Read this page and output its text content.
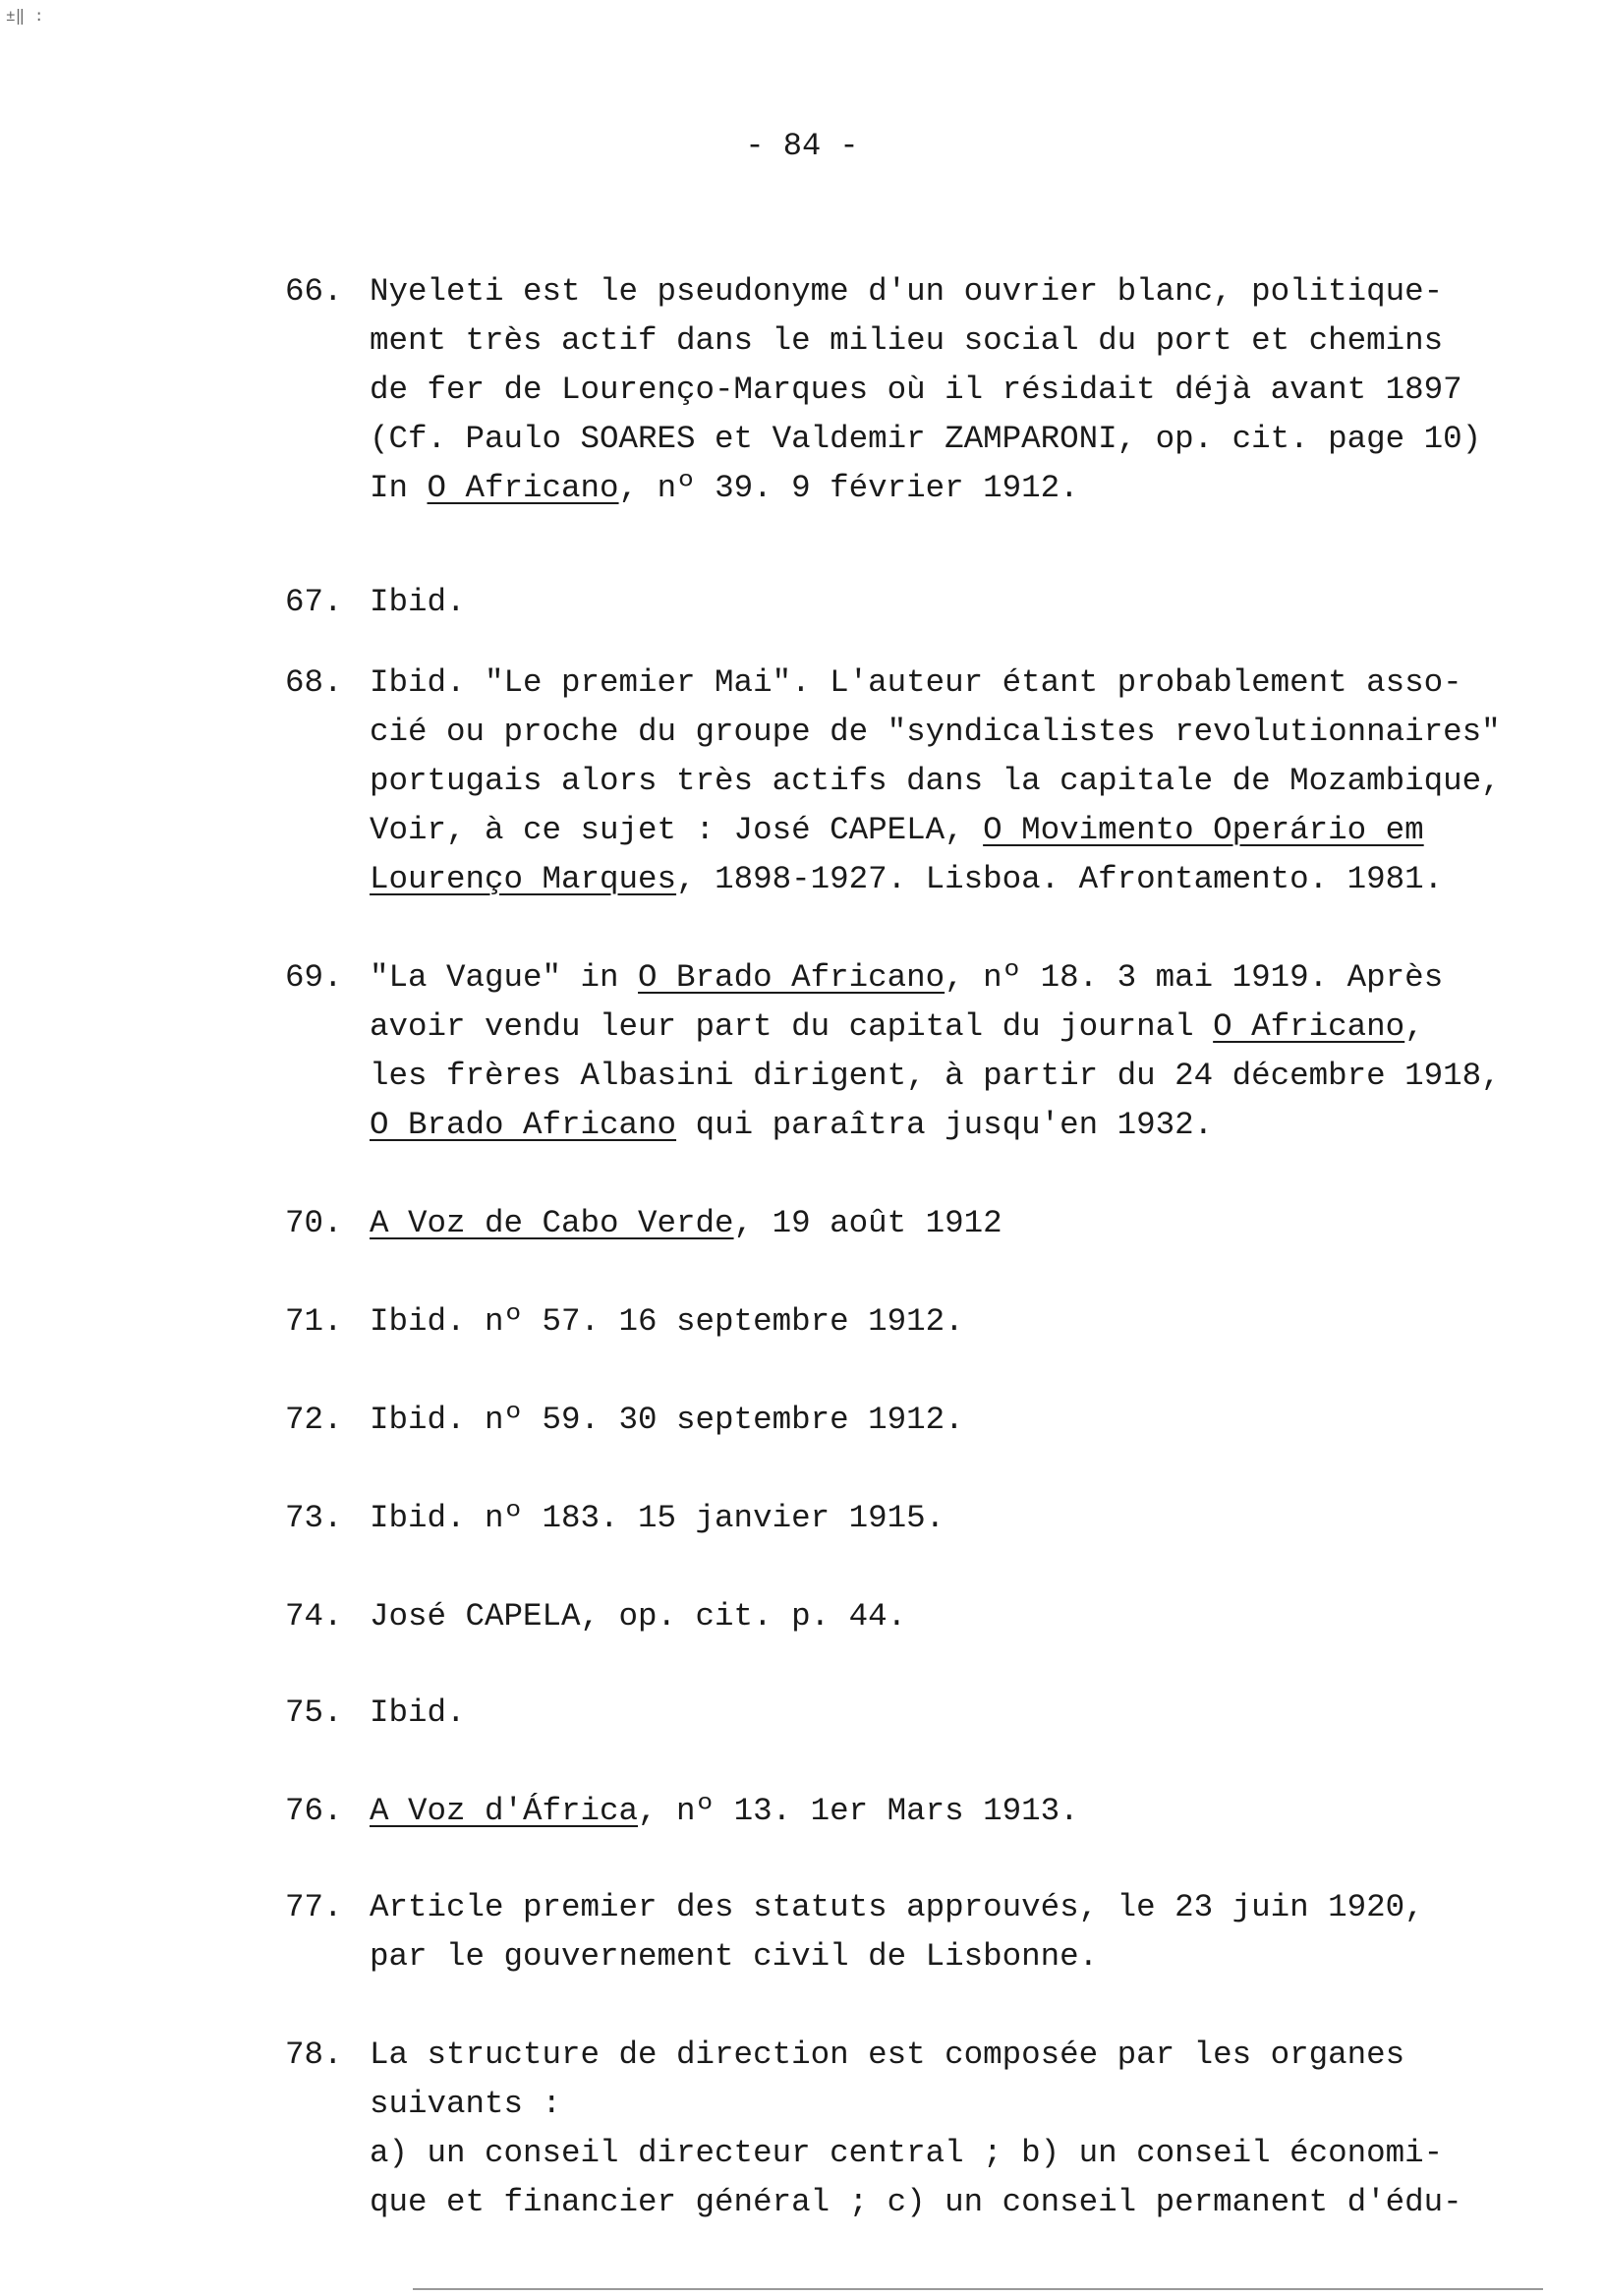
±‖ :
- 84 -
66. Nyeleti est le pseudonyme d'un ouvrier blanc, politique-
ment très actif dans le milieu social du port et chemins
de fer de Lourenço-Marques où il résidait déjà avant 1897
(Cf. Paulo SOARES et Valdemir ZAMPARONI, op. cit. page 10)
In O Africano, nº 39. 9 février 1912.
67. Ibid.
68. Ibid. "Le premier Mai". L'auteur étant probablement asso-
cié ou proche du groupe de "syndicalistes revolutionnaires"
portugais alors très actifs dans la capitale de Mozambique,
Voir, à ce sujet : José CAPELA, O Movimento Operário em
Lourenço Marques, 1898-1927. Lisboa. Afrontamento. 1981.
69. "La Vague" in O Brado Africano, nº 18. 3 mai 1919. Après
avoir vendu leur part du capital du journal O Africano,
les frères Albasini dirigent, à partir du 24 décembre 1918,
O Brado Africano qui paraîtra jusqu'en 1932.
70. A Voz de Cabo Verde, 19 août 1912
71. Ibid. nº 57. 16 septembre 1912.
72. Ibid. nº 59. 30 septembre 1912.
73. Ibid. nº 183. 15 janvier 1915.
74. José CAPELA, op. cit. p. 44.
75. Ibid.
76. A Voz d'África, nº 13. 1er Mars 1913.
77. Article premier des statuts approuvés, le 23 juin 1920,
par le gouvernement civil de Lisbonne.
78. La structure de direction est composée par les organes
suivants :
a) un conseil directeur central ; b) un conseil économi-
que et financier général ; c) un conseil permanent d'édu-
